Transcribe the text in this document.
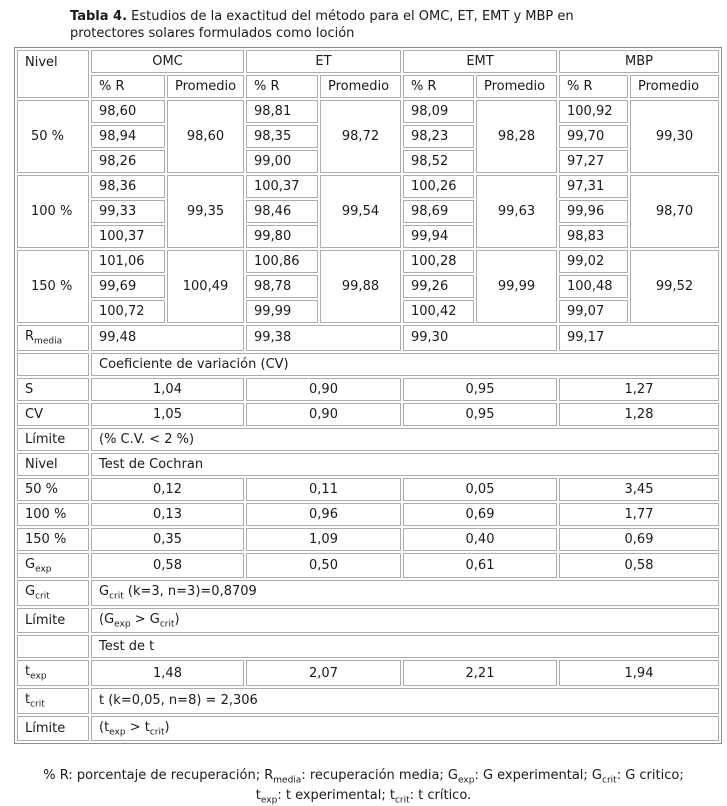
Tabla 4. Estudios de la exactitud del método para el OMC, ET, EMT y MBP en
protectores solares formulados como loción
Nivel	OMC		ET		EMT		MBP	
	% R	Promedio	% R	Promedio	% R	Promedio	% R	Promedio
50 %	98,60	98,60	98,81	98,72	98,09	98,28	100,92	99,30
	98,94		98,35		98,23		99,70	
	98,26		99,00		98,52		97,27	
100 %	98,36	99,35	100,37	99,54	100,26	99,63	97,31	98,70
	99,33		98,46		98,69		99,96	
	100,37		99,80		99,94		98,83	
150 %	101,06	100,49	100,86	99,88	100,28	99,99	99,02	99,52
	99,69		98,78		99,26		100,48	
	100,72		99,99		100,42		99,07	
$R_{media}$	99,48		99,38		99,30		99,17	
	Coeficiente de variación (CV)							
S	1,04		0,90		0,95		1,27	
CV	1,05		0,90		0,95		1,28	
Límite	(% C.V. < 2 %)							
Nivel	Test de Cochran							
50 %	0,12		0,11		0,05		3,45	
100 %	0,13		0,96		0,69		1,77	
150 %	0,35		1,09		0,40		0,69	
$G_{exp}$	0,58		0,50		0,61		0,58	
$G_{crit}$	$G_{crit}$ (k=3, n=3)=0,8709							
Límite	$(G_{exp} > G_{crit})$							
	Test de t							
$t_{exp}$	1,48		2,07		2,21		1,94	
$t_{crit}$	t (k=0,05, n=8) = 2,306							
Límite	$(t_{exp} > t_{crit})$							
% R: porcentaje de recuperación; $R_{media}$: recuperación media; $G_{exp}$: G experimental; $G_{crit}$: G critico;
$t_{exp}$: t experimental; $t_{crit}$: t crítico.
